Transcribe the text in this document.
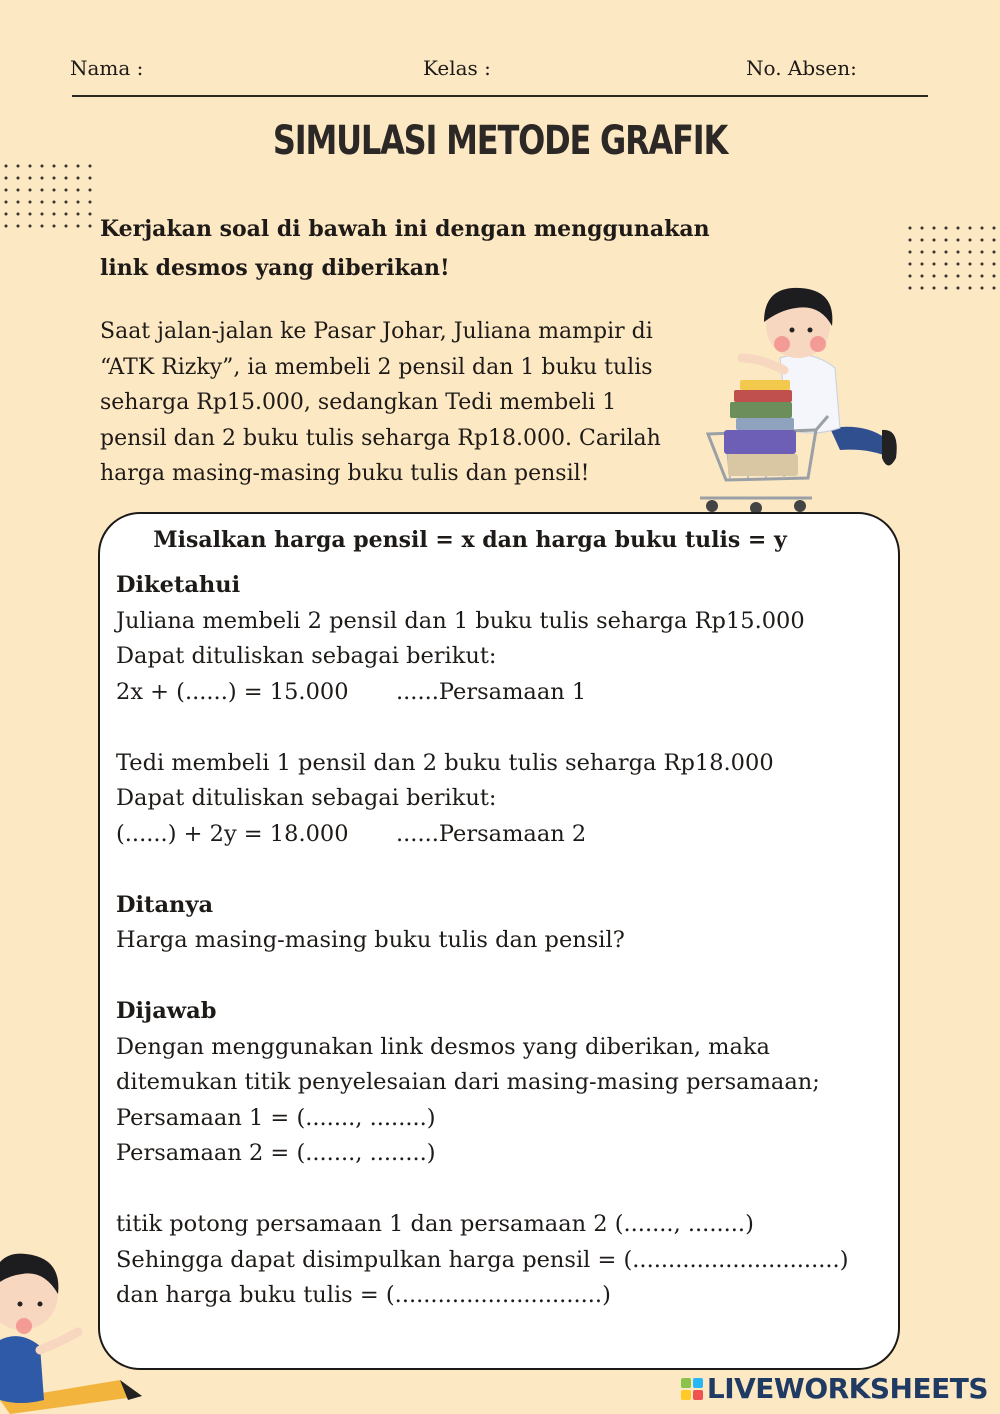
Nama :	Kelas :	No. Absen:
SIMULASI METODE GRAFIK
Kerjakan soal di bawah ini dengan menggunakan
link desmos yang diberikan!
Saat jalan-jalan ke Pasar Johar, Juliana mampir di
“ATK Rizky”, ia membeli 2 pensil dan 1 buku tulis
seharga Rp15.000, sedangkan Tedi membeli 1
pensil dan 2 buku tulis seharga Rp18.000. Carilah
harga masing-masing buku tulis dan pensil!
Misalkan harga pensil = x dan harga buku tulis = y
Diketahui
Juliana membeli 2 pensil dan 1 buku tulis seharga Rp15.000
Dapat dituliskan sebagai berikut:
2x + (......) = 15.000 ......Persamaan 1
Tedi membeli 1 pensil dan 2 buku tulis seharga Rp18.000
Dapat dituliskan sebagai berikut:
(......) + 2y = 18.000 ......Persamaan 2
Ditanya
Harga masing-masing buku tulis dan pensil?
Dijawab
Dengan menggunakan link desmos yang diberikan, maka
ditemukan titik penyelesaian dari masing-masing persamaan;
Persamaan 1 = (......., ........)
Persamaan 2 = (......., ........)
titik potong persamaan 1 dan persamaan 2 (......., ........)
Sehingga dapat disimpulkan harga pensil = (.............................)
dan harga buku tulis = (.............................)
LIVEWORKSHEETS
